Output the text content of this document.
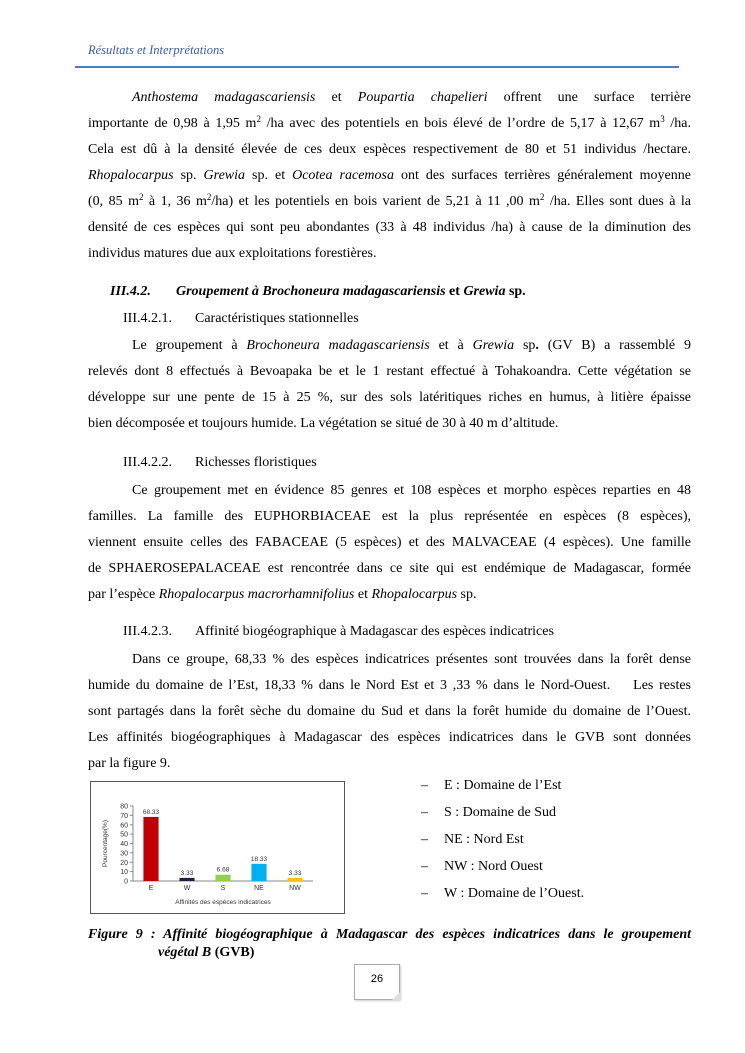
Résultats et Interprétations
Anthostema madagascariensis et Poupartia chapelieri offrent une surface terrière
importante de 0,98 à 1,95 $m^2$ /ha avec des potentiels en bois élevé de l’ordre de 5,17 à 12,67 $m^3$ /ha.
Cela est dû à la densité élevée de ces deux espèces respectivement de 80 et 51 individus /hectare.
Rhopalocarpus sp. Grewia sp. et Ocotea racemosa ont des surfaces terrières généralement moyenne
(0, 85 $m^2$ à 1, 36 $m^2/ha$) et les potentiels en bois varient de 5,21 à 11 ,00 $m^2$ /ha. Elles sont dues à la
densité de ces espèces qui sont peu abondantes (33 à 48 individus /ha) à cause de la diminution des
individus matures due aux exploitations forestières.
III.4.2. Groupement à Brochoneura madagascariensis et Grewia sp.
III.4.2.1. Caractéristiques stationnelles
Le groupement à Brochoneura madagascariensis et à Grewia sp. (GV B) a rassemblé 9
relevés dont 8 effectués à Bevoapaka be et le 1 restant effectué à Tohakoandra. Cette végétation se
développe sur une pente de 15 à 25 %, sur des sols latéritiques riches en humus, à litière épaisse
bien décomposée et toujours humide. La végétation se situé de 30 à 40 m d’altitude.
III.4.2.2. Richesses floristiques
Ce groupement met en évidence 85 genres et 108 espèces et morpho espèces reparties en 48
familles. La famille des EUPHORBIACEAE est la plus représentée en espèces (8 espèces),
viennent ensuite celles des FABACEAE (5 espèces) et des MALVACEAE (4 espèces). Une famille
de SPHAEROSEPALACEAE est rencontrée dans ce site qui est endémique de Madagascar, formée
par l’espèce Rhopalocarpus macrorhamnifolius et Rhopalocarpus sp.
III.4.2.3. Affinité biogéographique à Madagascar des espèces indicatrices
Dans ce groupe, 68,33 % des espèces indicatrices présentes sont trouvées dans la forêt dense
humide du domaine de l’Est, 18,33 % dans le Nord Est et 3 ,33 % dans le Nord-Ouest.    Les restes
sont partagés dans la forêt sèche du domaine du Sud et dans la forêt humide du domaine de l’Ouest.
Les affinités biogéographiques à Madagascar des espèces indicatrices dans le GVB sont données
par la figure 9.
0
10
20
30
40
50
60
70
80
68.33
E
3.33
W
6.68
S
18.33
NE
3.33
NW
Affinités des espèces indicatrices
Pourcentage(%)
– E : Domaine de l’Est
– S : Domaine de Sud
– NE : Nord Est
– NW : Nord Ouest
– W : Domaine de l’Ouest.
Figure 9 : Affinité biogéographique à Madagascar des espèces indicatrices dans le groupement
végétal B (GVB)
26
